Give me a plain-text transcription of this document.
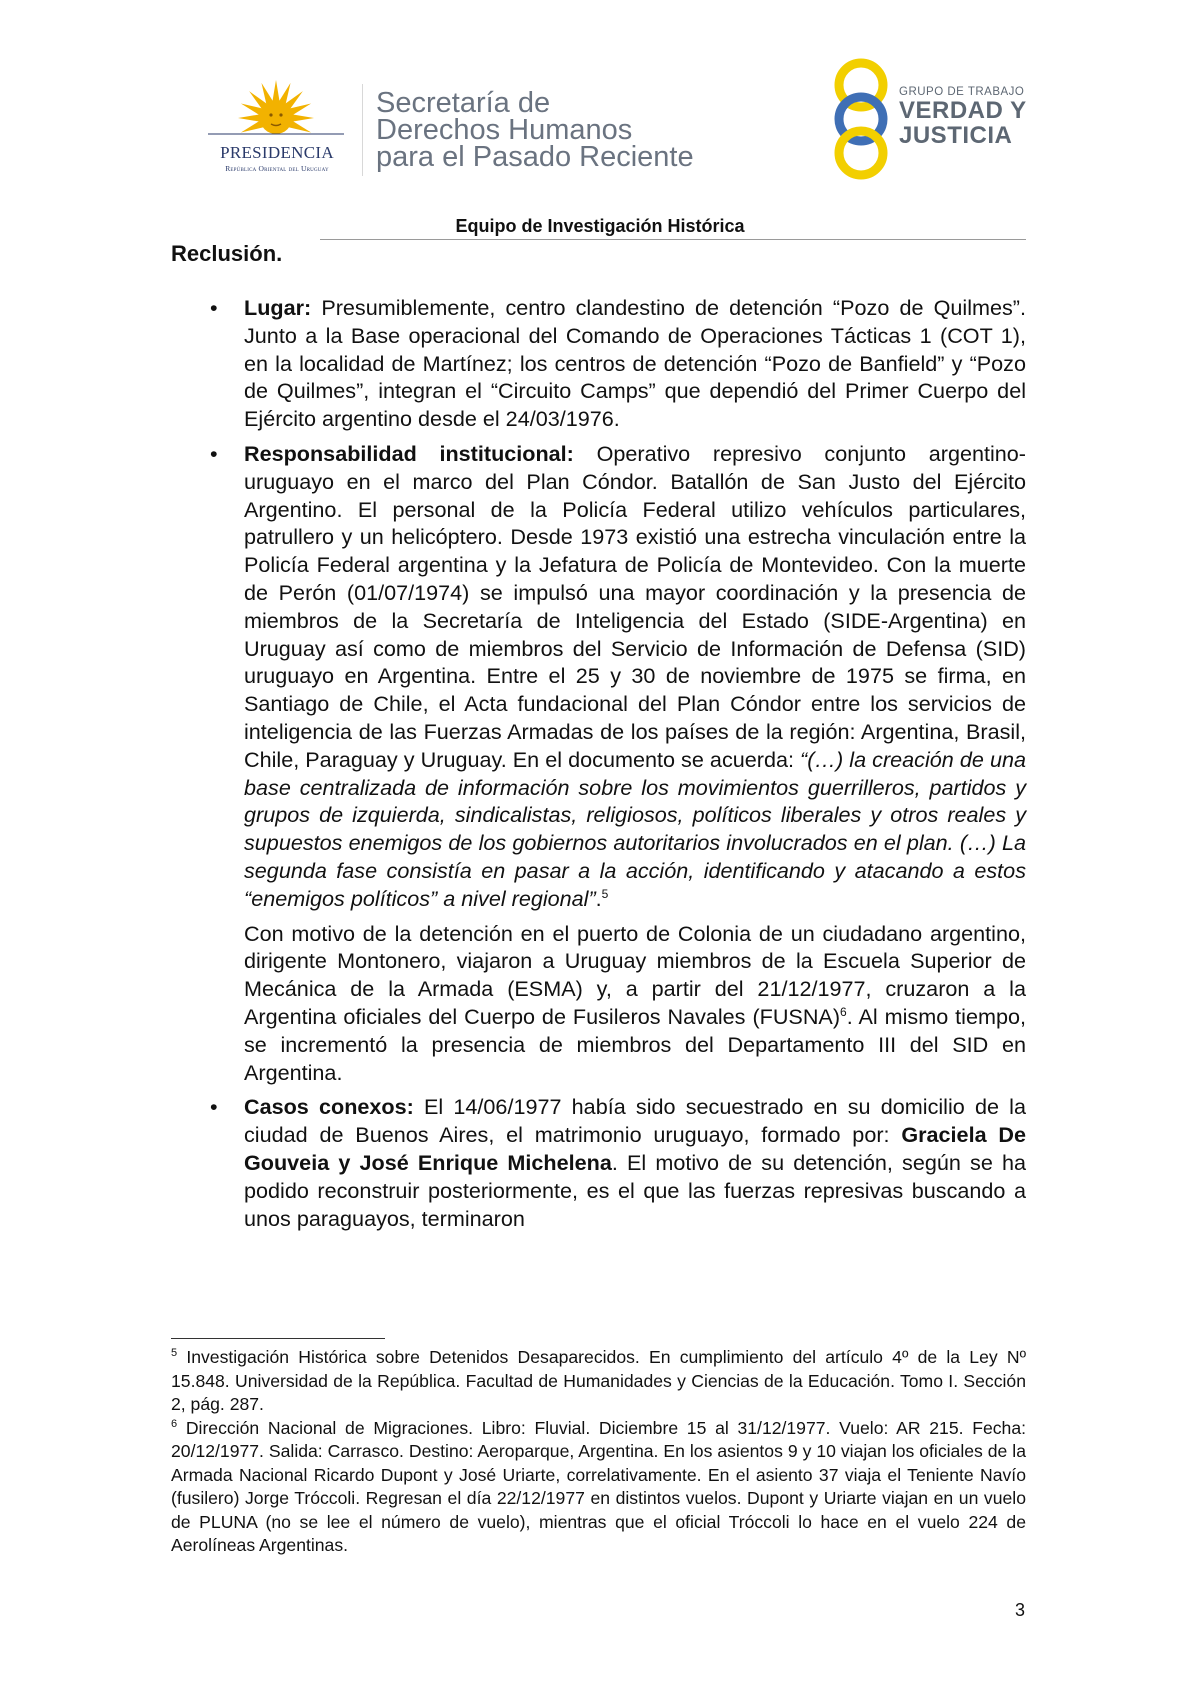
PRESIDENCIA
República Oriental del Uruguay
Secretaría de
Derechos Humanos
para el Pasado Reciente
GRUPO DE TRABAJO
VERDAD Y
JUSTICIA
Equipo de Investigación Histórica
Reclusión.
• Lugar: Presumiblemente, centro clandestino de detención “Pozo de Quilmes”. Junto a la Base operacional del Comando de Operaciones Tácticas 1 (COT 1), en la localidad de Martínez; los centros de detención “Pozo de Banfield” y “Pozo de Quilmes”, integran el “Circuito Camps” que dependió del Primer Cuerpo del Ejército argentino desde el 24/03/1976.
• Responsabilidad institucional: Operativo represivo conjunto argentino-uruguayo en el marco del Plan Cóndor. Batallón de San Justo del Ejército Argentino. El personal de la Policía Federal utilizo vehículos particulares, patrullero y un helicóptero. Desde 1973 existió una estrecha vinculación entre la Policía Federal argentina y la Jefatura de Policía de Montevideo. Con la muerte de Perón (01/07/1974) se impulsó una mayor coordinación y la presencia de miembros de la Secretaría de Inteligencia del Estado (SIDE-Argentina) en Uruguay así como de miembros del Servicio de Información de Defensa (SID) uruguayo en Argentina. Entre el 25 y 30 de noviembre de 1975 se firma, en Santiago de Chile, el Acta fundacional del Plan Cóndor entre los servicios de inteligencia de las Fuerzas Armadas de los países de la región: Argentina, Brasil, Chile, Paraguay y Uruguay. En el documento se acuerda: “(…) la creación de una base centralizada de información sobre los movimientos guerrilleros, partidos y grupos de izquierda, sindicalistas, religiosos, políticos liberales y otros reales y supuestos enemigos de los gobiernos autoritarios involucrados en el plan. (…) La segunda fase consistía en pasar a la acción, identificando y atacando a estos “enemigos políticos” a nivel regional”.$^5$
Con motivo de la detención en el puerto de Colonia de un ciudadano argentino, dirigente Montonero, viajaron a Uruguay miembros de la Escuela Superior de Mecánica de la Armada (ESMA) y, a partir del 21/12/1977, cruzaron a la Argentina oficiales del Cuerpo de Fusileros Navales (FUSNA)$^6$. Al mismo tiempo, se incrementó la presencia de miembros del Departamento III del SID en Argentina.
• Casos conexos: El 14/06/1977 había sido secuestrado en su domicilio de la ciudad de Buenos Aires, el matrimonio uruguayo, formado por: Graciela De Gouveia y José Enrique Michelena. El motivo de su detención, según se ha podido reconstruir posteriormente, es el que las fuerzas represivas buscando a unos paraguayos, terminaron

$^5$ Investigación Histórica sobre Detenidos Desaparecidos. En cumplimiento del artículo 4º de la Ley Nº 15.848. Universidad de la República. Facultad de Humanidades y Ciencias de la Educación. Tomo I. Sección 2, pág. 287.

$^6$ Dirección Nacional de Migraciones. Libro: Fluvial. Diciembre 15 al 31/12/1977. Vuelo: AR 215. Fecha: 20/12/1977. Salida: Carrasco. Destino: Aeroparque, Argentina. En los asientos 9 y 10 viajan los oficiales de la Armada Nacional Ricardo Dupont y José Uriarte, correlativamente. En el asiento 37 viaja el Teniente Navío (fusilero) Jorge Tróccoli. Regresan el día 22/12/1977 en distintos vuelos. Dupont y Uriarte viajan en un vuelo de PLUNA (no se lee el número de vuelo), mientras que el oficial Tróccoli lo hace en el vuelo 224 de Aerolíneas Argentinas.

3
